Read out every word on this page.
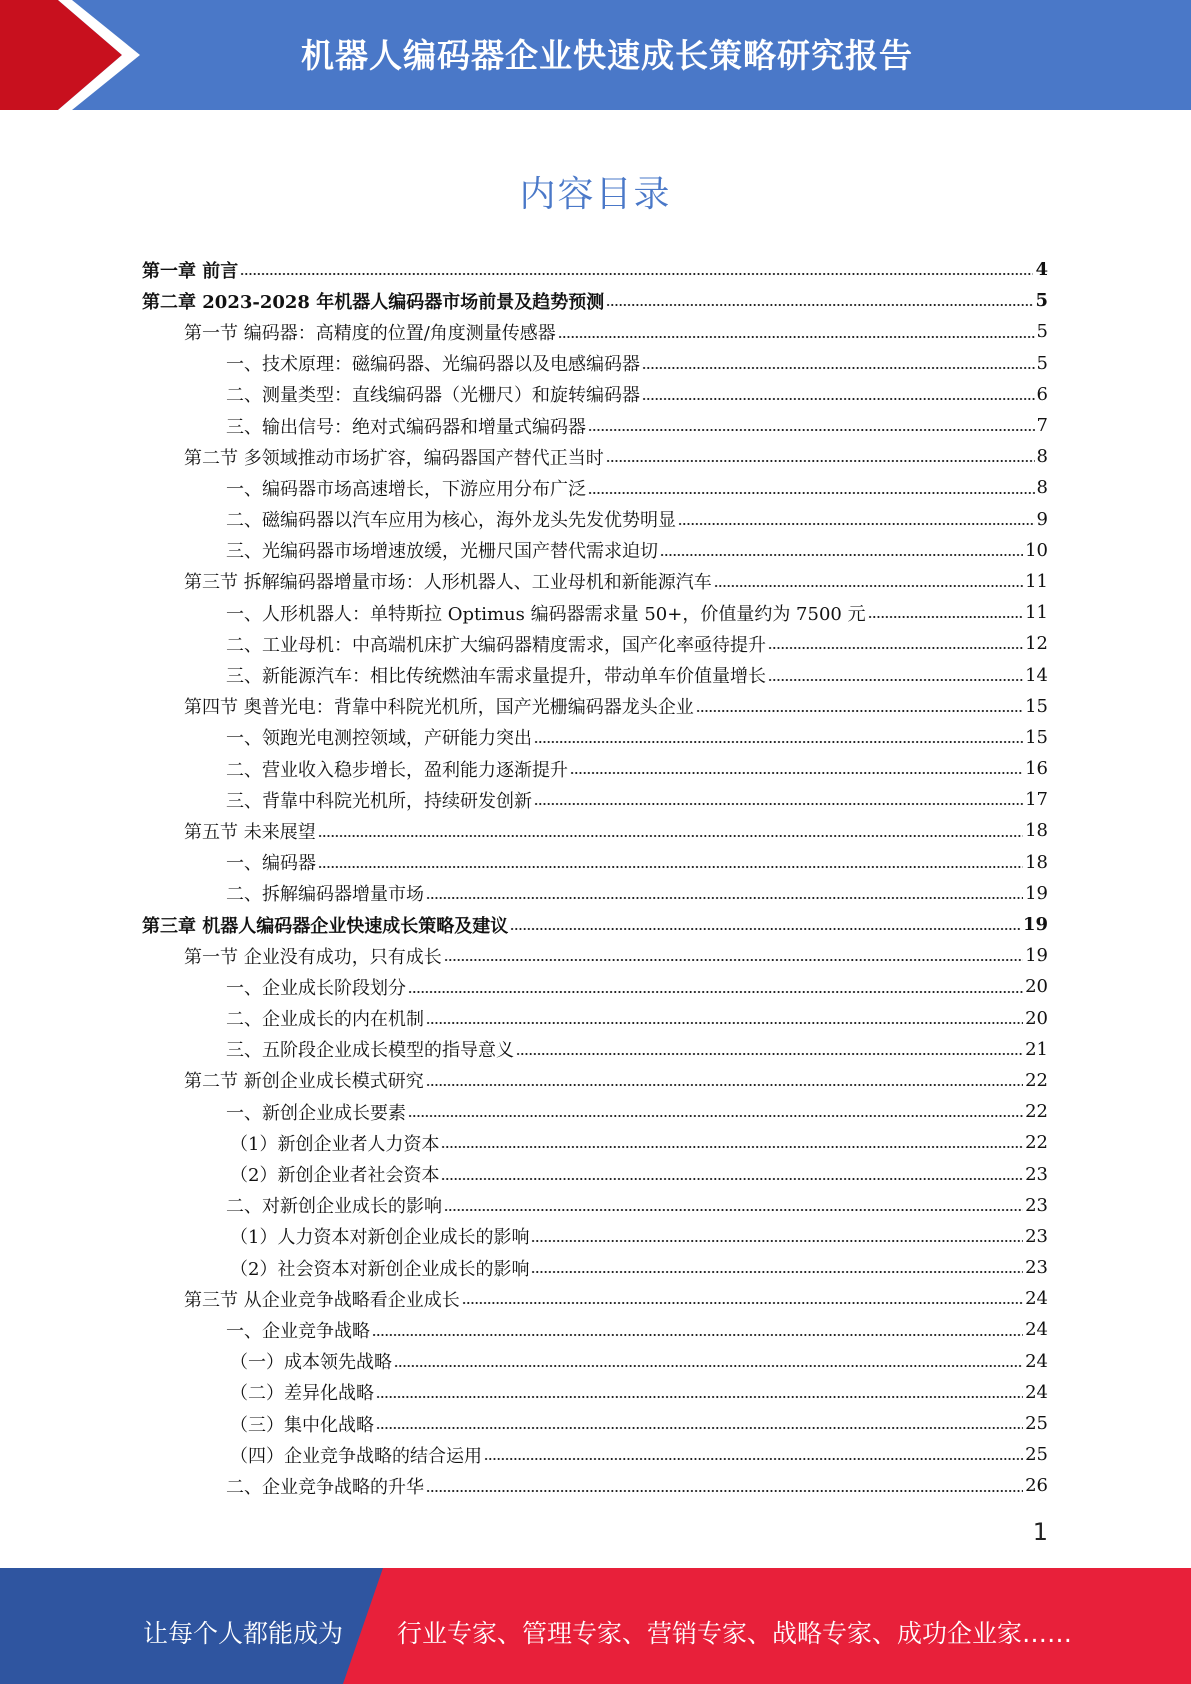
机器人编码器企业快速成长策略研究报告
内容目录
第一章 前言	4
第二章 2023-2028 年机器人编码器市场前景及趋势预测	5
第一节 编码器：高精度的位置/角度测量传感器	5
一、技术原理：磁编码器、光编码器以及电感编码器	5
二、测量类型：直线编码器（光栅尺）和旋转编码器	6
三、输出信号：绝对式编码器和增量式编码器	7
第二节 多领域推动市场扩容，编码器国产替代正当时	8
一、编码器市场高速增长，下游应用分布广泛	8
二、磁编码器以汽车应用为核心，海外龙头先发优势明显	9
三、光编码器市场增速放缓，光栅尺国产替代需求迫切	10
第三节 拆解编码器增量市场：人形机器人、工业母机和新能源汽车	11
一、人形机器人：单特斯拉 Optimus 编码器需求量 50+，价值量约为 7500 元	11
二、工业母机：中高端机床扩大编码器精度需求，国产化率亟待提升	12
三、新能源汽车：相比传统燃油车需求量提升，带动单车价值量增长	14
第四节 奥普光电：背靠中科院光机所，国产光栅编码器龙头企业	15
一、领跑光电测控领域，产研能力突出	15
二、营业收入稳步增长，盈利能力逐渐提升	16
三、背靠中科院光机所，持续研发创新	17
第五节 未来展望	18
一、编码器	18
二、拆解编码器增量市场	19
第三章 机器人编码器企业快速成长策略及建议	19
第一节 企业没有成功，只有成长	19
一、企业成长阶段划分	20
二、企业成长的内在机制	20
三、五阶段企业成长模型的指导意义	21
第二节 新创企业成长模式研究	22
一、新创企业成长要素	22
（1）新创企业者人力资本	22
（2）新创企业者社会资本	23
二、对新创企业成长的影响	23
（1）人力资本对新创企业成长的影响	23
（2）社会资本对新创企业成长的影响	23
第三节 从企业竞争战略看企业成长	24
一、企业竞争战略	24
（一）成本领先战略	24
（二）差异化战略	24
（三）集中化战略	25
（四）企业竞争战略的结合运用	25
二、企业竞争战略的升华	26
1
让每个人都能成为 行业专家、管理专家、营销专家、战略专家、成功企业家……
